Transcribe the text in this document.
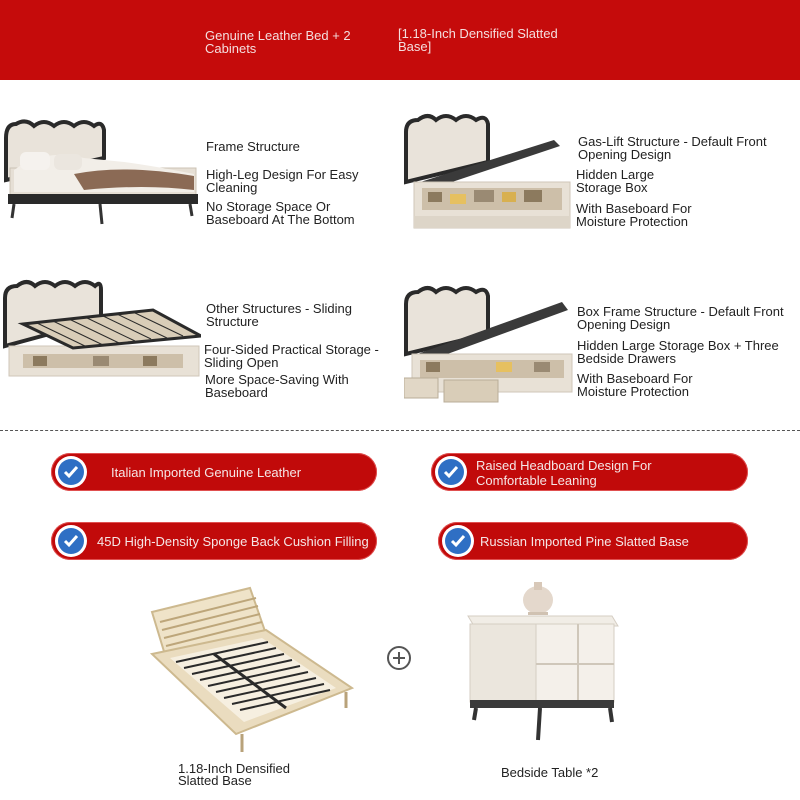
Genuine Leather Bed + 2 Cabinets
[1.18-Inch Densified Slatted Base]
Frame Structure
High-Leg Design For Easy Cleaning
No Storage Space Or Baseboard At The Bottom
Gas-Lift Structure - Default Front Opening Design
Hidden Large Storage Box
With Baseboard For Moisture Protection
Other Structures - Sliding Structure
Four-Sided Practical Storage - Sliding Open
More Space-Saving With Baseboard
Box Frame Structure - Default Front Opening Design
Hidden Large Storage Box + Three Bedside Drawers
With Baseboard For Moisture Protection
Italian Imported Genuine Leather	Raised Headboard Design For Comfortable Leaning
45D High-Density Sponge Back Cushion Filling	Russian Imported Pine Slatted Base
1.18-Inch Densified Slatted Base
Bedside Table *2
